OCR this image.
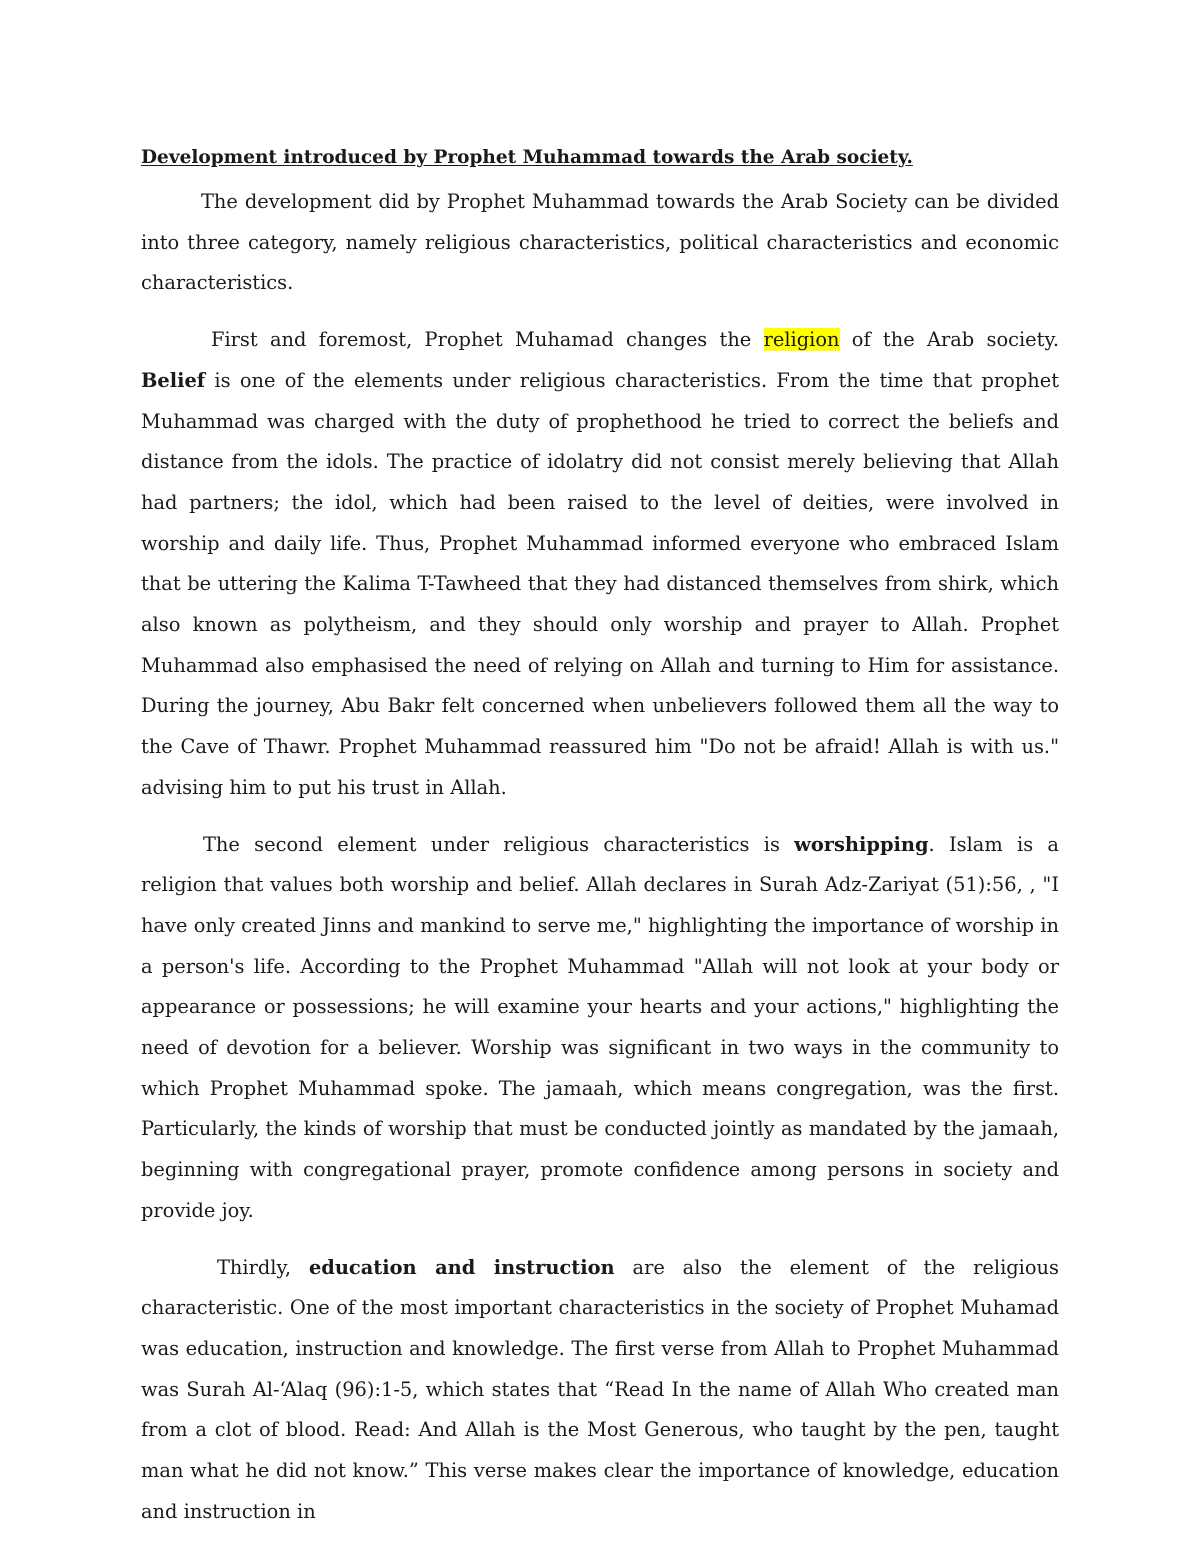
Development introduced by Prophet Muhammad towards the Arab society.

The development did by Prophet Muhammad towards the Arab Society can be divided into three category, namely religious characteristics, political characteristics and economic characteristics.

First and foremost, Prophet Muhamad changes the religion of the Arab society. Belief is one of the elements under religious characteristics. From the time that prophet Muhammad was charged with the duty of prophethood he tried to correct the beliefs and distance from the idols. The practice of idolatry did not consist merely believing that Allah had partners; the idol, which had been raised to the level of deities, were involved in worship and daily life. Thus, Prophet Muhammad informed everyone who embraced Islam that be uttering the Kalima T-Tawheed that they had distanced themselves from shirk, which also known as polytheism, and they should only worship and prayer to Allah. Prophet Muhammad also emphasised the need of relying on Allah and turning to Him for assistance. During the journey, Abu Bakr felt concerned when unbelievers followed them all the way to the Cave of Thawr. Prophet Muhammad reassured him "Do not be afraid! Allah is with us." advising him to put his trust in Allah.

The second element under religious characteristics is worshipping. Islam is a religion that values both worship and belief. Allah declares in Surah Adz-Zariyat (51):56, , "I have only created Jinns and mankind to serve me," highlighting the importance of worship in a person's life. According to the Prophet Muhammad "Allah will not look at your body or appearance or possessions; he will examine your hearts and your actions," highlighting the need of devotion for a believer. Worship was significant in two ways in the community to which Prophet Muhammad spoke. The jamaah, which means congregation, was the first. Particularly, the kinds of worship that must be conducted jointly as mandated by the jamaah, beginning with congregational prayer, promote confidence among persons in society and provide joy.

Thirdly, education and instruction are also the element of the religious characteristic. One of the most important characteristics in the society of Prophet Muhamad was education, instruction and knowledge. The first verse from Allah to Prophet Muhammad was Surah Al-‘Alaq (96):1-5, which states that “Read In the name of Allah Who created man from a clot of blood. Read: And Allah is the Most Generous, who taught by the pen, taught man what he did not know.” This verse makes clear the importance of knowledge, education and instruction in
